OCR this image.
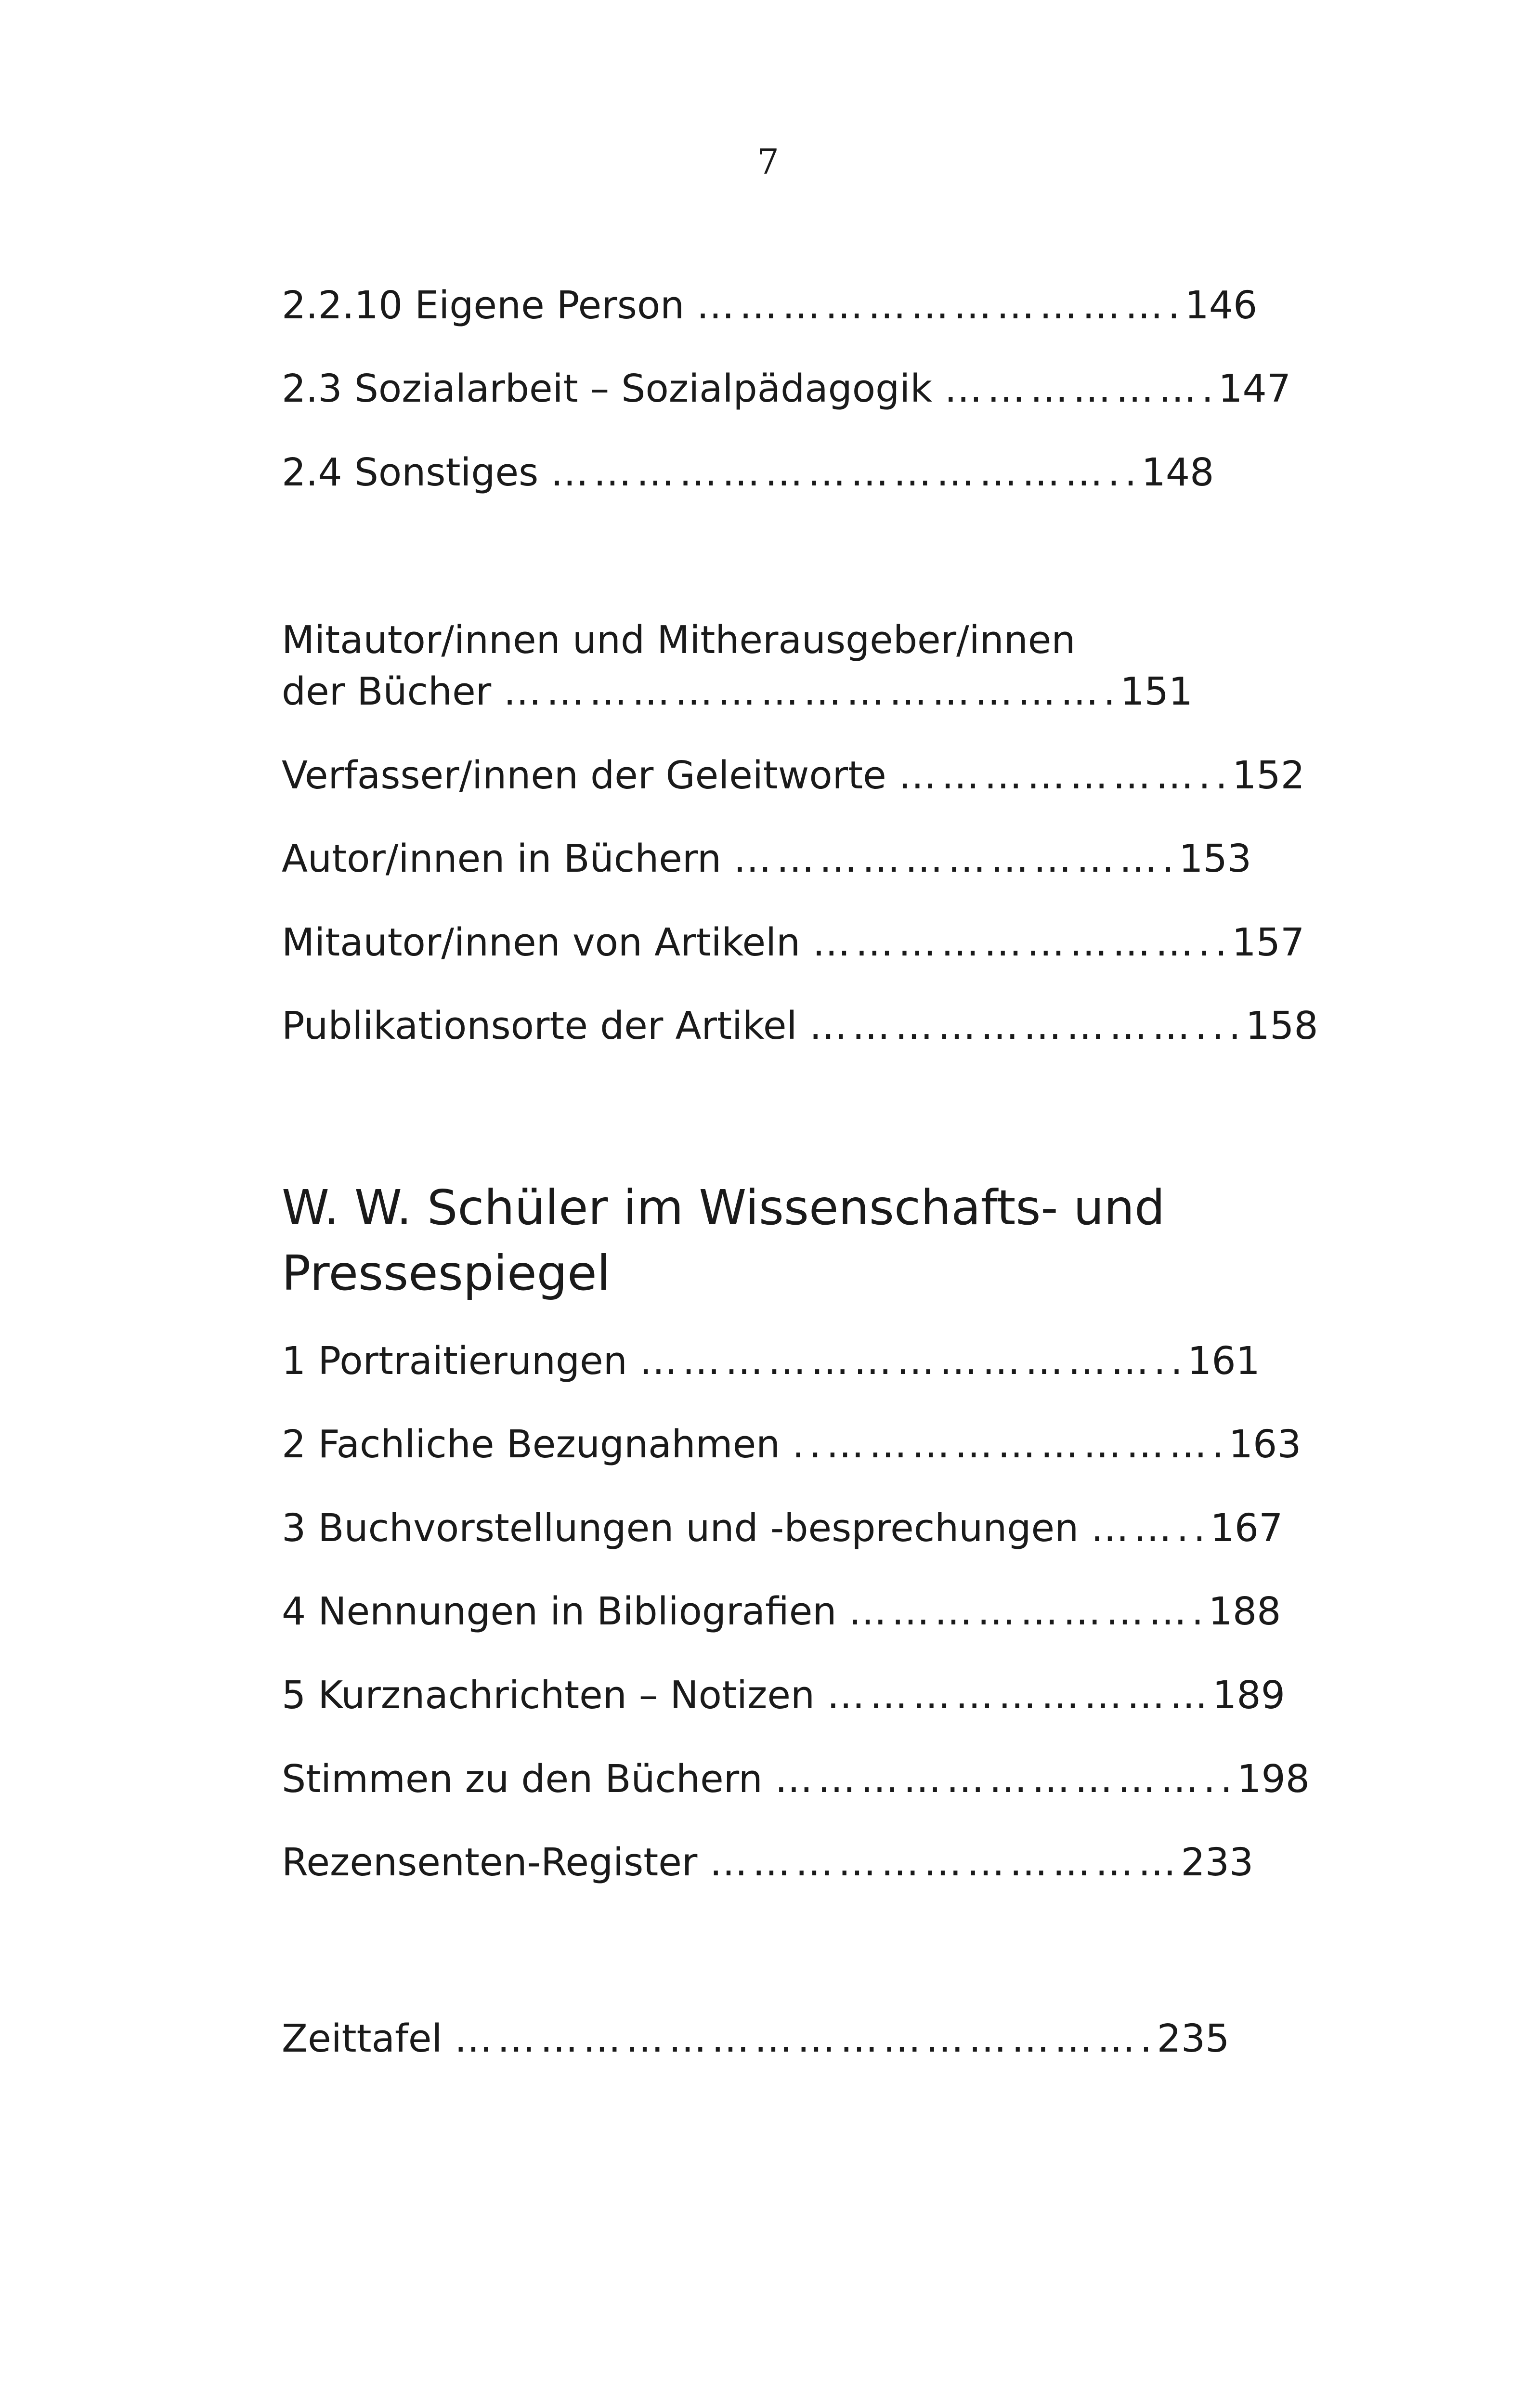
7

2.2.10 Eigene Person …………………………….146

2.3 Sozialarbeit – Sozialpädagogik ……………….147

2.4 Sonstiges …………………………………..148

Mitautor/innen und Mitherausgeber/innen
der Bücher …………………………………….151

Verfasser/innen der Geleitworte …………………..152

Autor/innen in Büchern ………………………….153

Mitautor/innen von Artikeln ………………………..157

Publikationsorte der Artikel ………………………...158

W. W. Schüler im Wissenschafts- und
Pressespiegel

1 Portraitierungen ………………………………..161

2 Fachliche Bezugnahmen ..……………………….163

3 Buchvorstellungen und -besprechungen ……..167

4 Nennungen in Bibliografien …………………….188

5 Kurznachrichten – Notizen ………………………189

Stimmen zu den Büchern …………………………..198

Rezensenten-Register ……………………………233

Zeittafel ………………………………………….235
